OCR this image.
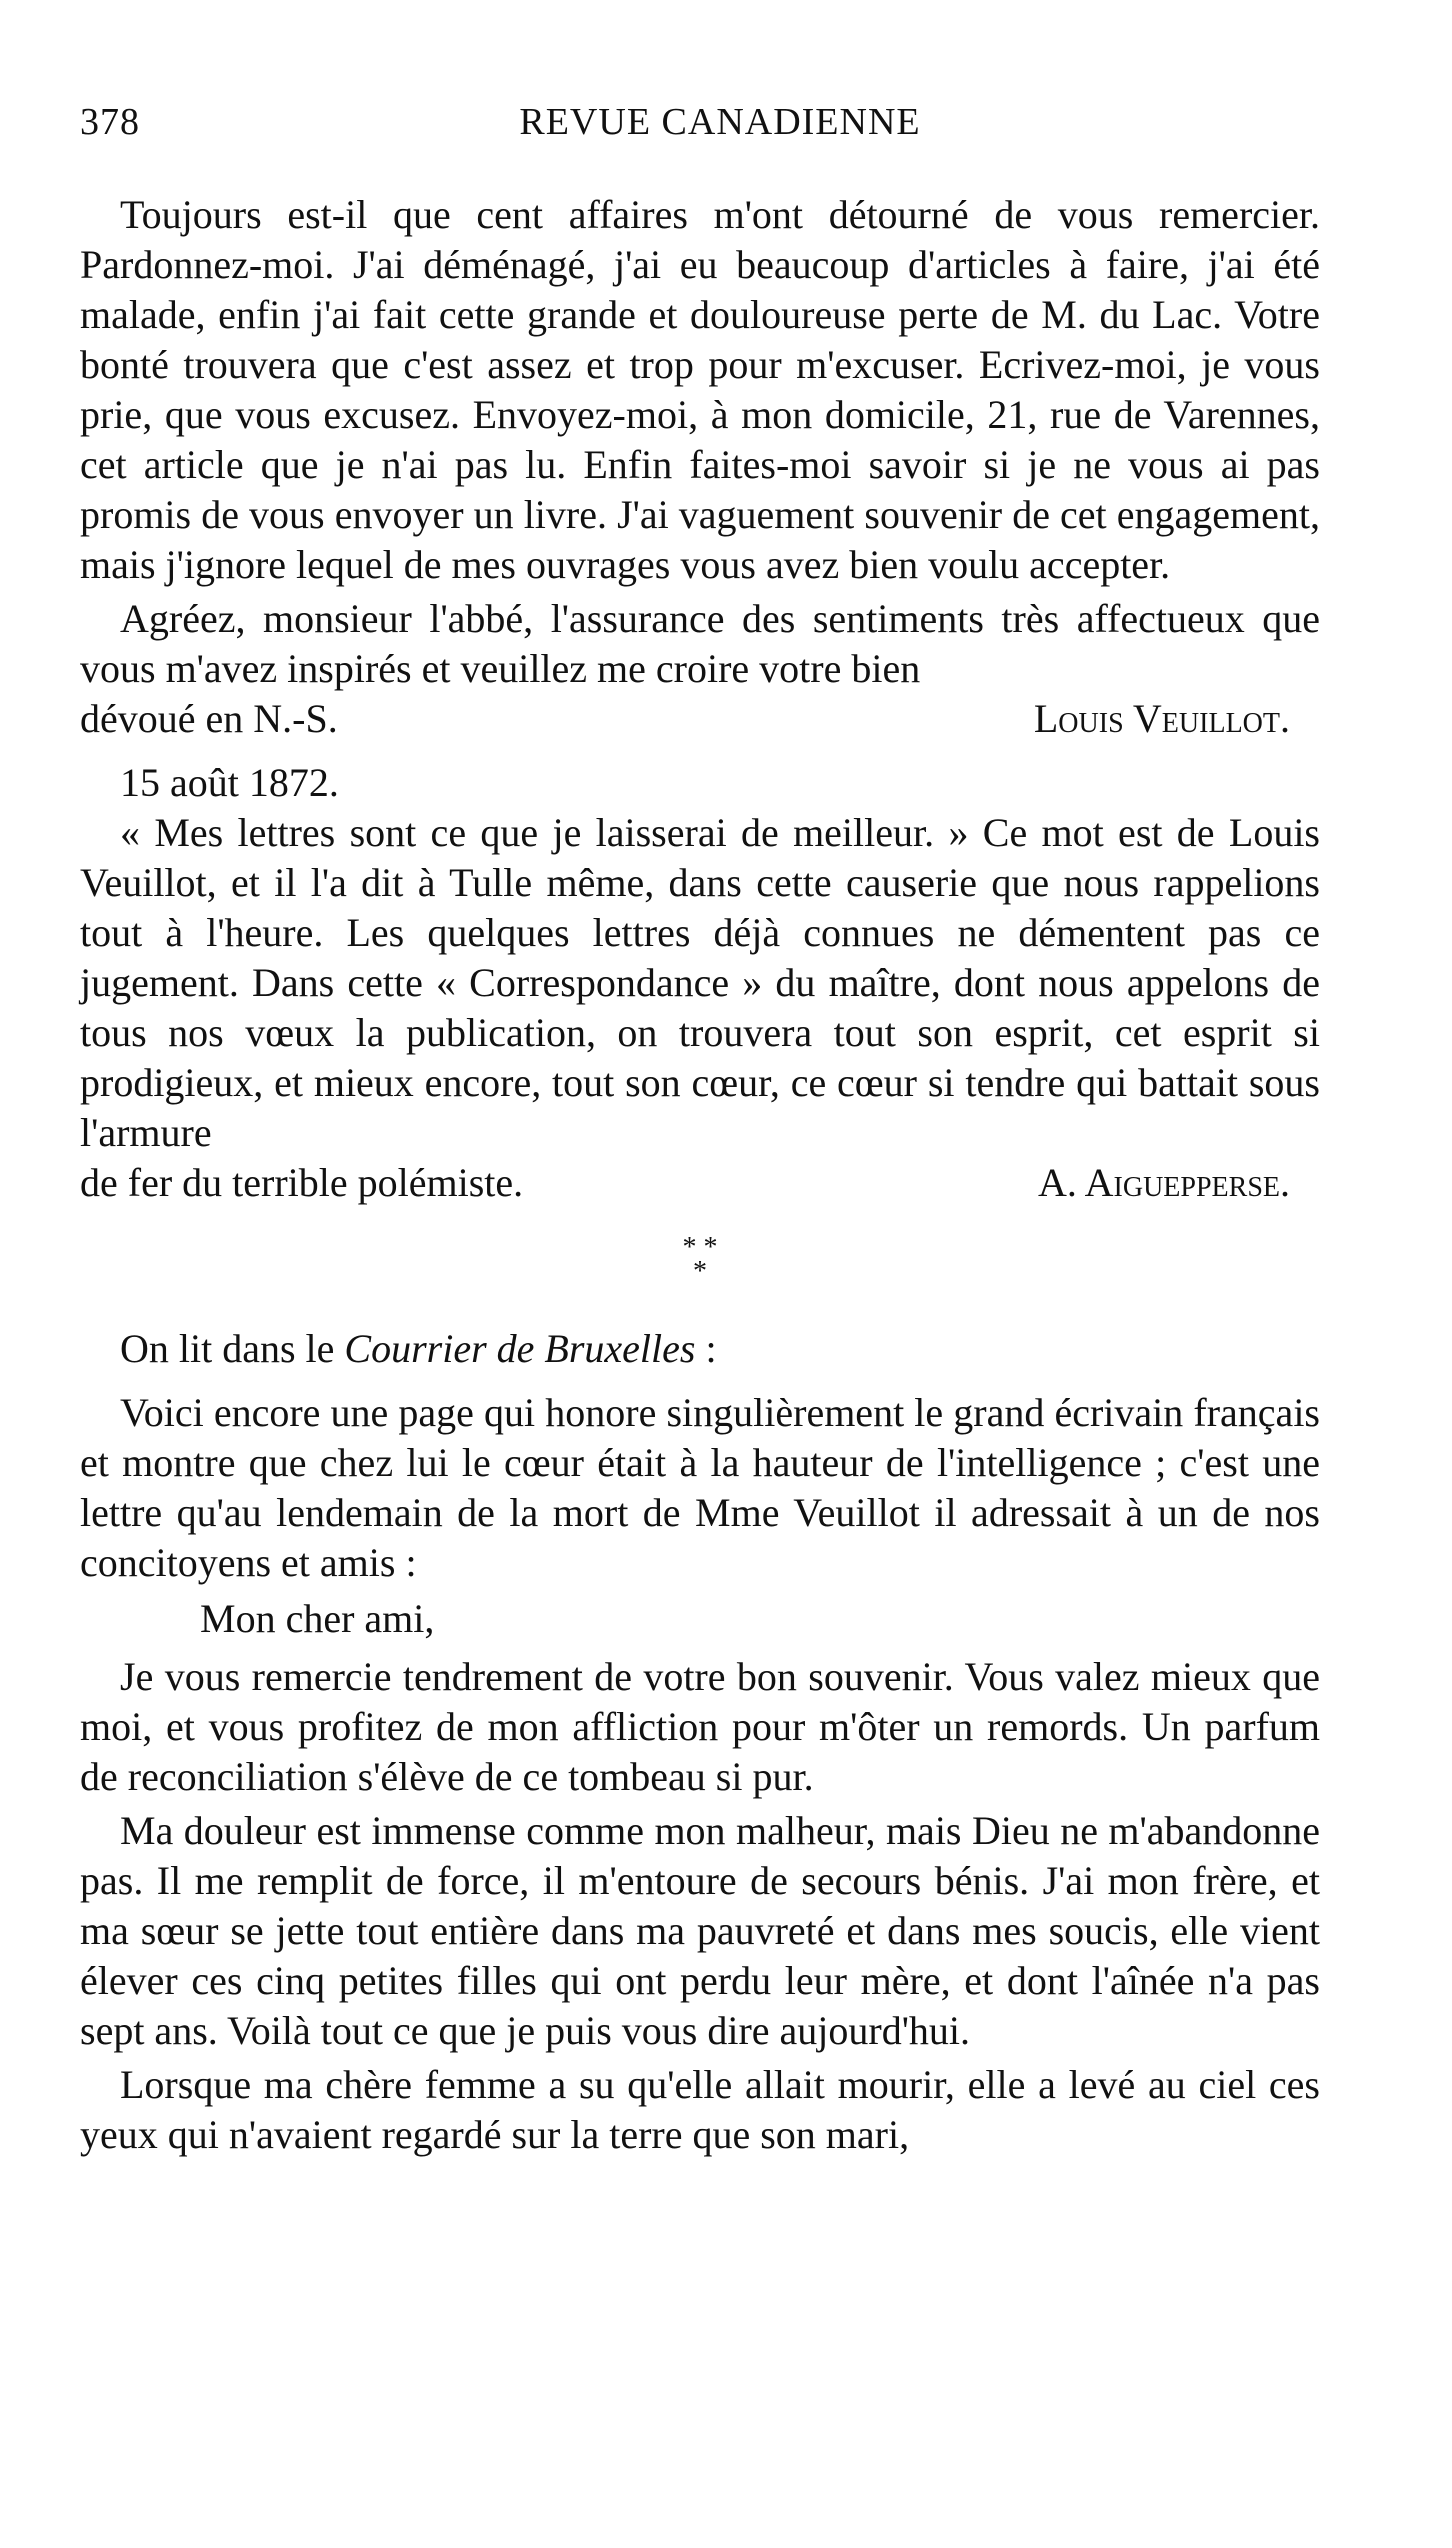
378	REVUE CANADIENNE

Toujours est-il que cent affaires m'ont détourné de vous remercier. Pardonnez-moi. J'ai déménagé, j'ai eu beaucoup d'articles à faire, j'ai été malade, enfin j'ai fait cette grande et douloureuse perte de M. du Lac. Votre bonté trouvera que c'est assez et trop pour m'excuser. Ecrivez-moi, je vous prie, que vous excusez. Envoyez-moi, à mon domicile, 21, rue de Varennes, cet article que je n'ai pas lu. Enfin faites-moi savoir si je ne vous ai pas promis de vous envoyer un livre. J'ai vaguement souvenir de cet engagement, mais j'ignore lequel de mes ouvrages vous avez bien voulu accepter.

Agréez, monsieur l'abbé, l'assurance des sentiments très affectueux que vous m'avez inspirés et veuillez me croire votre bien

dévoué en N.-S.	Louis Veuillot.

15 août 1872.

« Mes lettres sont ce que je laisserai de meilleur. » Ce mot est de Louis Veuillot, et il l'a dit à Tulle même, dans cette causerie que nous rappelions tout à l'heure. Les quelques lettres déjà connues ne démentent pas ce jugement. Dans cette « Correspondance » du maître, dont nous appelons de tous nos vœux la publication, on trouvera tout son esprit, cet esprit si prodigieux, et mieux encore, tout son cœur, ce cœur si tendre qui battait sous l'armure

de fer du terrible polémiste.	A. Aiguepperse.
* *
*

On lit dans le Courrier de Bruxelles :

Voici encore une page qui honore singulièrement le grand écrivain français et montre que chez lui le cœur était à la hauteur de l'intelligence ; c'est une lettre qu'au lendemain de la mort de Mme Veuillot il adressait à un de nos concitoyens et amis :

Mon cher ami,

Je vous remercie tendrement de votre bon souvenir. Vous valez mieux que moi, et vous profitez de mon affliction pour m'ôter un remords. Un parfum de reconciliation s'élève de ce tombeau si pur.

Ma douleur est immense comme mon malheur, mais Dieu ne m'abandonne pas. Il me remplit de force, il m'entoure de secours bénis. J'ai mon frère, et ma sœur se jette tout entière dans ma pauvreté et dans mes soucis, elle vient élever ces cinq petites filles qui ont perdu leur mère, et dont l'aînée n'a pas sept ans. Voilà tout ce que je puis vous dire aujourd'hui.

Lorsque ma chère femme a su qu'elle allait mourir, elle a levé au ciel ces yeux qui n'avaient regardé sur la terre que son mari,
